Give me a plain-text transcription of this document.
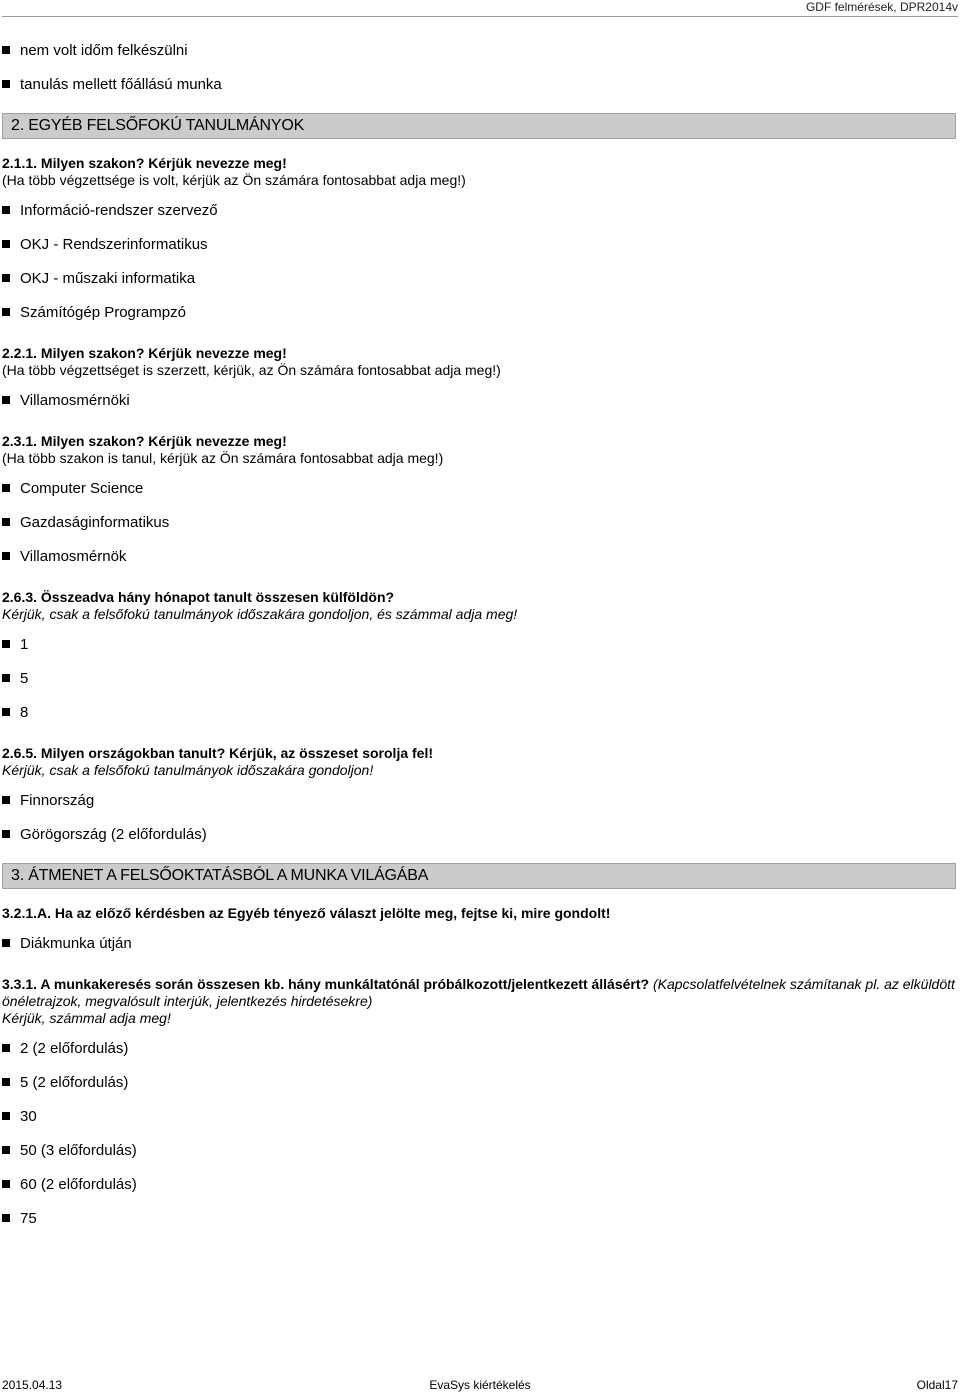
GDF felmérések, DPR2014v
nem volt időm felkészülni
tanulás mellett főállású munka
2. EGYÉB FELSŐFOKÚ TANULMÁNYOK
2.1.1. Milyen szakon? Kérjük nevezze meg!
(Ha több végzettsége is volt, kérjük az Ön számára fontosabbat adja meg!)
Információ-rendszer szervező
OKJ - Rendszerinformatikus
OKJ - műszaki informatika
Számítógép Programpzó
2.2.1. Milyen szakon? Kérjük nevezze meg!
(Ha több végzettséget is szerzett, kérjük, az Ön számára fontosabbat adja meg!)
Villamosmérnöki
2.3.1. Milyen szakon? Kérjük nevezze meg!
(Ha több szakon is tanul, kérjük az Ön számára fontosabbat adja meg!)
Computer Science
Gazdaságinformatikus
Villamosmérnök
2.6.3. Összeadva hány hónapot tanult összesen külföldön?
Kérjük, csak a felsőfokú tanulmányok időszakára gondoljon, és számmal adja meg!
1
5
8
2.6.5. Milyen országokban tanult? Kérjük, az összeset sorolja fel!
Kérjük, csak a felsőfokú tanulmányok időszakára gondoljon!
Finnország
Görögország (2 előfordulás)
3. ÁTMENET A FELSŐOKTATÁSBÓL A MUNKA VILÁGÁBA
3.2.1.A. Ha az előző kérdésben az Egyéb tényező választ jelölte meg, fejtse ki, mire gondolt!
Diákmunka útján
3.3.1. A munkakeresés során összesen kb. hány munkáltatónál próbálkozott/jelentkezett állásért? (Kapcsolatfelvételnek számítanak pl. az elküldött önéletrajzok, megvalósult interjúk, jelentkezés hirdetésekre)
Kérjük, számmal adja meg!
2 (2 előfordulás)
5 (2 előfordulás)
30
50 (3 előfordulás)
60 (2 előfordulás)
75
2015.04.13	EvaSys kiértékelés	Oldal17
